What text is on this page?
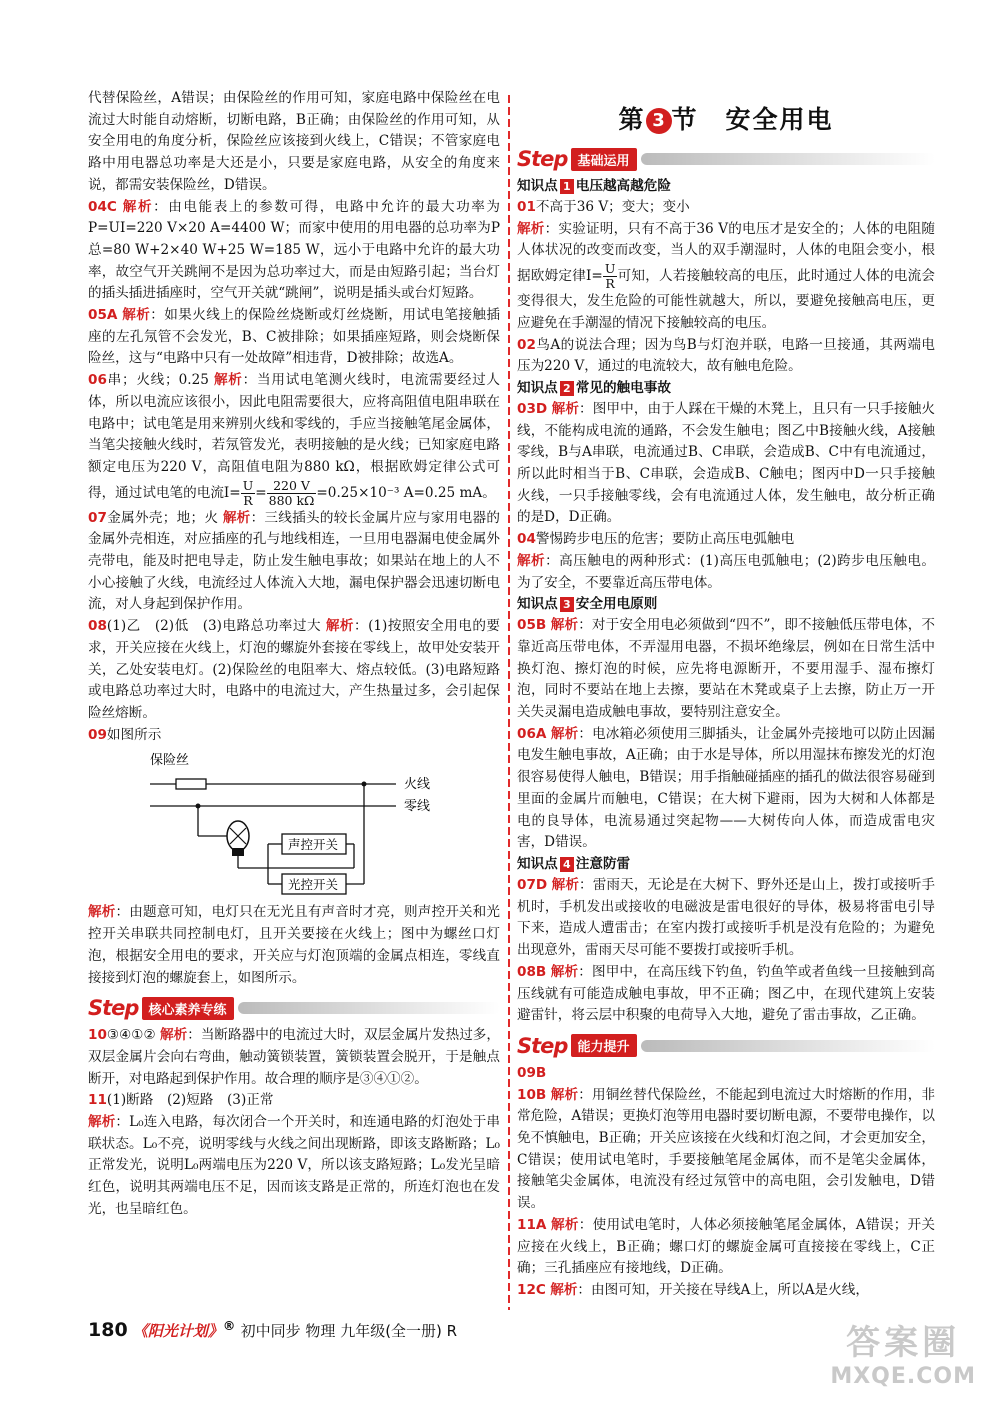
代替保险丝，A错误；由保险丝的作用可知，家庭电路中保险丝在电流过大时能自动熔断，切断电路，B正确；由保险丝的作用可知，从安全用电的角度分析，保险丝应该接到火线上，C错误；不管家庭电路中用电器总功率是大还是小，只要是家庭电路，从安全的角度来说，都需安装保险丝，D错误。

04C 解析：由电能表上的参数可得，电路中允许的最大功率为P=UI=220 V×20 A=4400 W；而家中使用的用电器的总功率为P总=80 W+2×40 W+25 W=185 W，远小于电路中允许的最大功率，故空气开关跳闸不是因为总功率过大，而是由短路引起；当台灯的插头插进插座时，空气开关就“跳闸”，说明是插头或台灯短路。

05A 解析：如果火线上的保险丝烧断或灯丝烧断，用试电笔接触插座的左孔氖管不会发光，B、C被排除；如果插座短路，则会烧断保险丝，这与“电路中只有一处故障”相违背，D被排除；故选A。

06串；火线；0.25 解析：当用试电笔测火线时，电流需要经过人体，所以电流应该很小，因此电阻需要很大，应将高阻值电阻串联在电路中；试电笔是用来辨别火线和零线的，手应当接触笔尾金属体，当笔尖接触火线时，若氖管发光，表明接触的是火线；已知家庭电路额定电压为220 V，高阻值电阻为880 kΩ，根据欧姆定律公式可得，通过试电笔的电流$I= \frac{U}{R} = \frac{220 V}{880 k\Omega} =0.25\times 10^{-3}$ A=0.25 mA。

07金属外壳；地；火 解析：三线插头的较长金属片应与家用电器的金属外壳相连，对应插座的孔与地线相连，一旦用电器漏电使金属外壳带电，能及时把电导走，防止发生触电事故；如果站在地上的人不小心接触了火线，电流经过人体流入大地，漏电保护器会迅速切断电流，对人身起到保护作用。

08(1)乙　(2)低　(3)电路总功率过大 解析：(1)按照安全用电的要求，开关应接在火线上，灯泡的螺旋外套接在零线上，故甲处安装开关，乙处安装电灯。(2)保险丝的电阻率大、熔点较低。(3)电路短路或电路总功率过大时，电路中的电流过大，产生热量过多，会引起保险丝熔断。

09如图所示

保险丝
火线
零线
光控开关
声控开关

解析：由题意可知，电灯只在无光且有声音时才亮，则声控开关和光控开关串联共同控制电灯，且开关要接在火线上；图中为螺丝口灯泡，根据安全用电的要求，开关应与灯泡顶端的金属点相连，零线直接接到灯泡的螺旋套上，如图所示。

Step 核心素养专练

10③④①② 解析：当断路器中的电流过大时，双层金属片发热过多，双层金属片会向右弯曲，触动簧锁装置，簧锁装置会脱开，于是触点断开，对电路起到保护作用。故合理的顺序是③④①②。

11(1)断路　(2)短路　(3)正常
解析：L₀连入电路，每次闭合一个开关时，和连通电路的灯泡处于串联状态。L₀不亮，说明零线与火线之间出现断路，即该支路断路；L₀正常发光，说明L₀两端电压为220 V，所以该支路短路；L₀发光呈暗红色，说明其两端电压不足，因而该支路是正常的，所连灯泡也在发光，也呈暗红色。

第 3 节　安全用电
Step 基础运用
知识点 1 电压越高越危险

01不高于36 V；变大；变小
解析：实验证明，只有不高于36 V的电压才是安全的；人体的电阻随人体状况的改变而改变，当人的双手潮湿时，人体的电阻会变小，根据欧姆定律$I= \frac{U}{R}$ 可知，人若接触较高的电压，此时通过人体的电流会变得很大，发生危险的可能性就越大，所以，要避免接触高电压，更应避免在手潮湿的情况下接触较高的电压。

02鸟A的说法合理；因为鸟B与灯泡并联，电路一旦接通，其两端电压为220 V，通过的电流较大，故有触电危险。

知识点 2 常见的触电事故

03D 解析：图甲中，由于人踩在干燥的木凳上，且只有一只手接触火线，不能构成电流的通路，不会发生触电；图乙中B接触火线，A接触零线，B与A串联，电流通过B、C串联，会造成B、C中有电流通过，所以此时相当于B、C串联，会造成B、C触电；图丙中D一只手接触火线，一只手接触零线，会有电流通过人体，发生触电，故分析正确的是D，D正确。

04警惕跨步电压的危害；要防止高压电弧触电
解析：高压触电的两种形式：(1)高压电弧触电；(2)跨步电压触电。为了安全，不要靠近高压带电体。

知识点 3 安全用电原则

05B 解析：对于安全用电必须做到“四不”，即不接触低压带电体，不靠近高压带电体，不弄湿用电器，不损坏绝缘层，例如在日常生活中换灯泡、擦灯泡的时候，应先将电源断开，不要用湿手、湿布擦灯泡，同时不要站在地上去擦，要站在木凳或桌子上去擦，防止万一开关失灵漏电造成触电事故，要特别注意安全。

06A 解析：电冰箱必须使用三脚插头，让金属外壳接地可以防止因漏电发生触电事故，A正确；由于水是导体，所以用湿抹布擦发光的灯泡很容易使得人触电，B错误；用手指触碰插座的插孔的做法很容易碰到里面的金属片而触电，C错误；在大树下避雨，因为大树和人体都是电的良导体，电流易通过突起物——大树传向人体，而造成雷电灾害，D错误。

知识点 4 注意防雷

07D 解析：雷雨天，无论是在大树下、野外还是山上，拨打或接听手机时，手机发出或接收的电磁波是雷电很好的导体，极易将雷电引导下来，造成人遭雷击；在室内拨打或接听手机是没有危险的；为避免出现意外，雷雨天尽可能不要拨打或接听手机。

08B 解析：图甲中，在高压线下钓鱼，钓鱼竿或者鱼线一旦接触到高压线就有可能造成触电事故，甲不正确；图乙中，在现代建筑上安装避雷针，将云层中积聚的电荷导入大地，避免了雷击事故，乙正确。

Step 能力提升

09B

10B 解析：用铜丝替代保险丝，不能起到电流过大时熔断的作用，非常危险，A错误；更换灯泡等用电器时要切断电源，不要带电操作，以免不慎触电，B正确；开关应该接在火线和灯泡之间，才会更加安全，C错误；使用试电笔时，手要接触笔尾金属体，而不是笔尖金属体，接触笔尖金属体，电流没有经过氖管中的高电阻，会引发触电，D错误。

11A 解析：使用试电笔时，人体必须接触笔尾金属体，A错误；开关应接在火线上，B正确；螺口灯的螺旋金属可直接接在零线上，C正确；三孔插座应有接地线，D正确。

12C 解析：由图可知，开关接在导线A上，所以A是火线，

180 《阳光计划》® 初中同步 物理 九年级(全一册) R	答案圈
MXQE.COM
